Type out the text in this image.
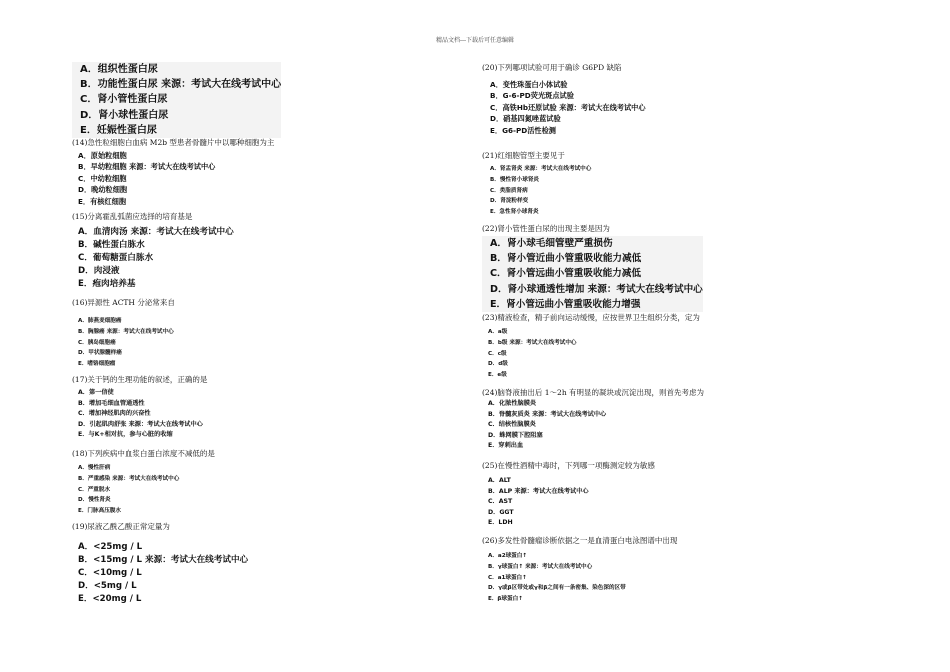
精品文档---下载后可任意编辑
A．组织性蛋白尿
B．功能性蛋白尿 来源：考试大在线考试中心
C．肾小管性蛋白尿
D．肾小球性蛋白尿
E．妊娠性蛋白尿
(14)急性粒细胞白血病 M2b 型患者骨髓片中以哪种细胞为主
A．原始粒细胞
B．早幼粒细胞 来源：考试大在线考试中心
C．中幼粒细胞
D．晚幼粒细胞
E．有核红细胞
(15)分离霍乱弧菌应选择的培育基是
A．血清肉汤 来源：考试大在线考试中心
B．碱性蛋白胨水
C．葡萄糖蛋白胨水
D．肉浸液
E．疱肉培养基
(16)异源性 ACTH 分泌常来自
A．肺燕麦细胞癌
B．胸腺癌 来源：考试大在线考试中心
C．胰岛细胞癌
D．甲状腺髓样癌
E．嗜铬细胞瘤
(17)关于钙的生理功能的叙述，正确的是
A．第一信使
B．增加毛细血管通透性
C．增加神经肌肉的兴奋性
D．引起肌肉舒张 来源：考试大在线考试中心
E．与K+相对抗，参与心脏的收缩
(18)下列疾病中血浆白蛋白浓度不减低的是
A．慢性肝病
B．严重感染 来源：考试大在线考试中心
C．严重脱水
D．慢性肾炎
E．门脉高压腹水
(19)尿液乙酰乙酸正常定量为
A．<25mg / L
B．<15mg / L 来源：考试大在线考试中心
C．<10mg / L
D．<5mg / L
E．<20mg / L
(20)下列哪项试验可用于确诊 G6PD 缺陷
A．变性珠蛋白小体试验
B．G-6-PD荧光斑点试验
C．高铁Hb还原试验 来源：考试大在线考试中心
D．硝基四氮唑蓝试验
E．G6-PD活性检测
(21)红细胞管型主要见于
A．肾盂肾炎 来源：考试大在线考试中心
B．慢性肾小球肾炎
C．类脂质肾病
D．肾淀粉样变
E．急性肾小球肾炎
(22)肾小管性蛋白尿的出现主要是因为
A．肾小球毛细管壁严重损伤
B．肾小管近曲小管重吸收能力减低
C．肾小管远曲小管重吸收能力减低
D．肾小球通透性增加 来源：考试大在线考试中心
E．肾小管远曲小管重吸收能力增强
(23)精液检查，精子前向运动缓慢，应按世界卫生组织分类，定为
A．a级
B．b级 来源：考试大在线考试中心
C．c级
D．d级
E．e级
(24)脑脊液抽出后 1～2h 有明显的凝块或沉淀出现，则首先考虑为
A．化脓性脑膜炎
B．脊髓灰质炎 来源：考试大在线考试中心
C．结核性脑膜炎
D．蛛网膜下腔阻塞
E．穿刺出血
(25)在慢性酒精中毒时，下列哪一项酶测定较为敏感
A．ALT
B．ALP 来源：考试大在线考试中心
C．AST
D．GGT
E．LDH
(26)多发性骨髓瘤诊断依据之一是血清蛋白电泳图谱中出现
A．a2球蛋白↑
B．γ球蛋白↑ 来源：考试大在线考试中心
C．a1球蛋白↑
D．γ或β区带处或γ和β之间有一条密集、染色深的区带
E．β球蛋白↑
